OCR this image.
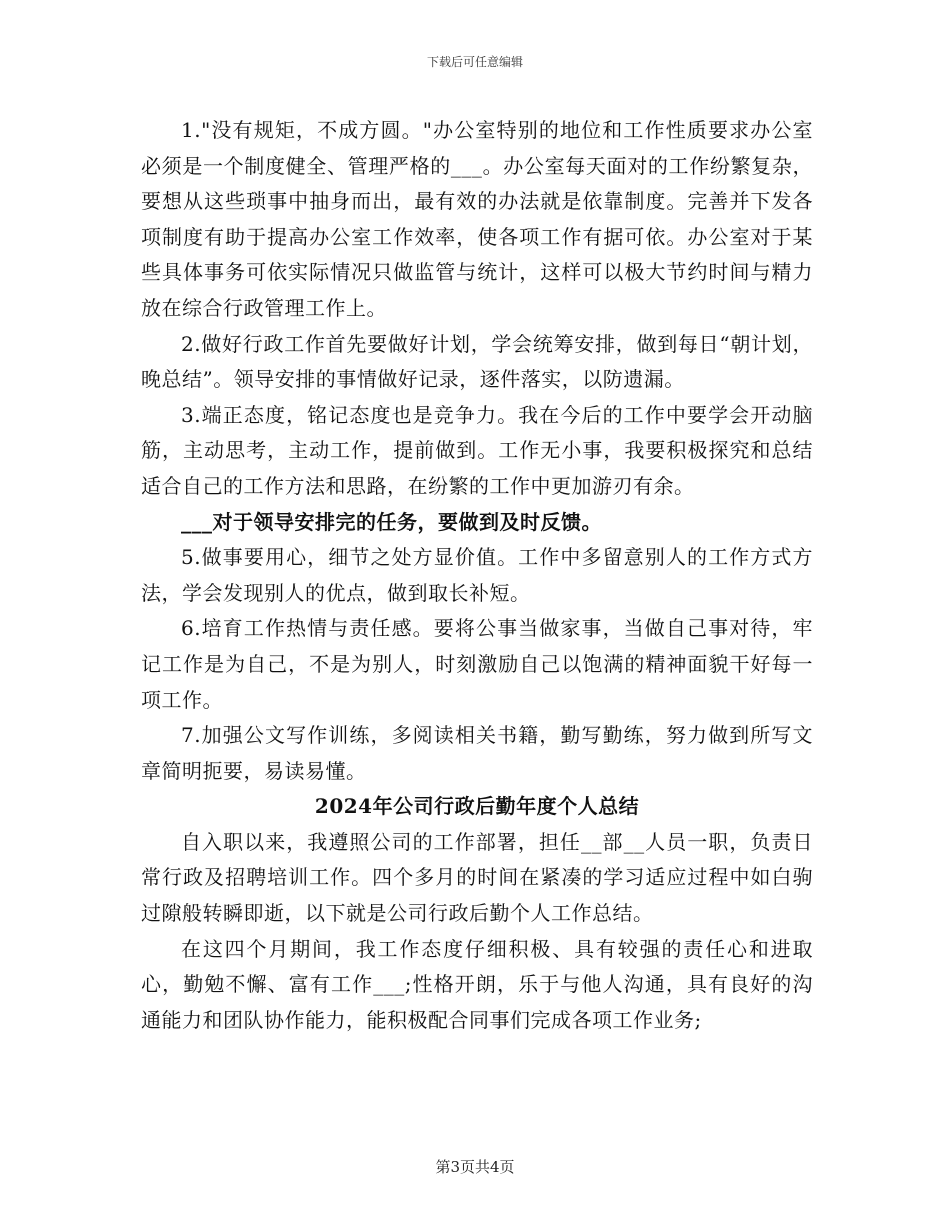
下载后可任意编辑

1."没有规矩，不成方圆。"办公室特别的地位和工作性质要求办公室必须是一个制度健全、管理严格的___。办公室每天面对的工作纷繁复杂，要想从这些琐事中抽身而出，最有效的办法就是依靠制度。完善并下发各项制度有助于提高办公室工作效率，使各项工作有据可依。办公室对于某些具体事务可依实际情况只做监管与统计，这样可以极大节约时间与精力放在综合行政管理工作上。

2.做好行政工作首先要做好计划，学会统筹安排，做到每日“朝计划，晚总结”。领导安排的事情做好记录，逐件落实，以防遗漏。

3.端正态度，铭记态度也是竞争力。我在今后的工作中要学会开动脑筋，主动思考，主动工作，提前做到。工作无小事，我要积极探究和总结适合自己的工作方法和思路，在纷繁的工作中更加游刃有余。

___对于领导安排完的任务，要做到及时反馈。

5.做事要用心，细节之处方显价值。工作中多留意别人的工作方式方法，学会发现别人的优点，做到取长补短。

6.培育工作热情与责任感。要将公事当做家事，当做自己事对待，牢记工作是为自己，不是为别人，时刻激励自己以饱满的精神面貌干好每一项工作。

7.加强公文写作训练，多阅读相关书籍，勤写勤练，努力做到所写文章简明扼要，易读易懂。

2024年公司行政后勤年度个人总结

自入职以来，我遵照公司的工作部署，担任__部__人员一职，负责日常行政及招聘培训工作。四个多月的时间在紧凑的学习适应过程中如白驹过隙般转瞬即逝，以下就是公司行政后勤个人工作总结。

在这四个月期间，我工作态度仔细积极、具有较强的责任心和进取心，勤勉不懈、富有工作___;性格开朗，乐于与他人沟通，具有良好的沟通能力和团队协作能力，能积极配合同事们完成各项工作业务;

第3页共4页
